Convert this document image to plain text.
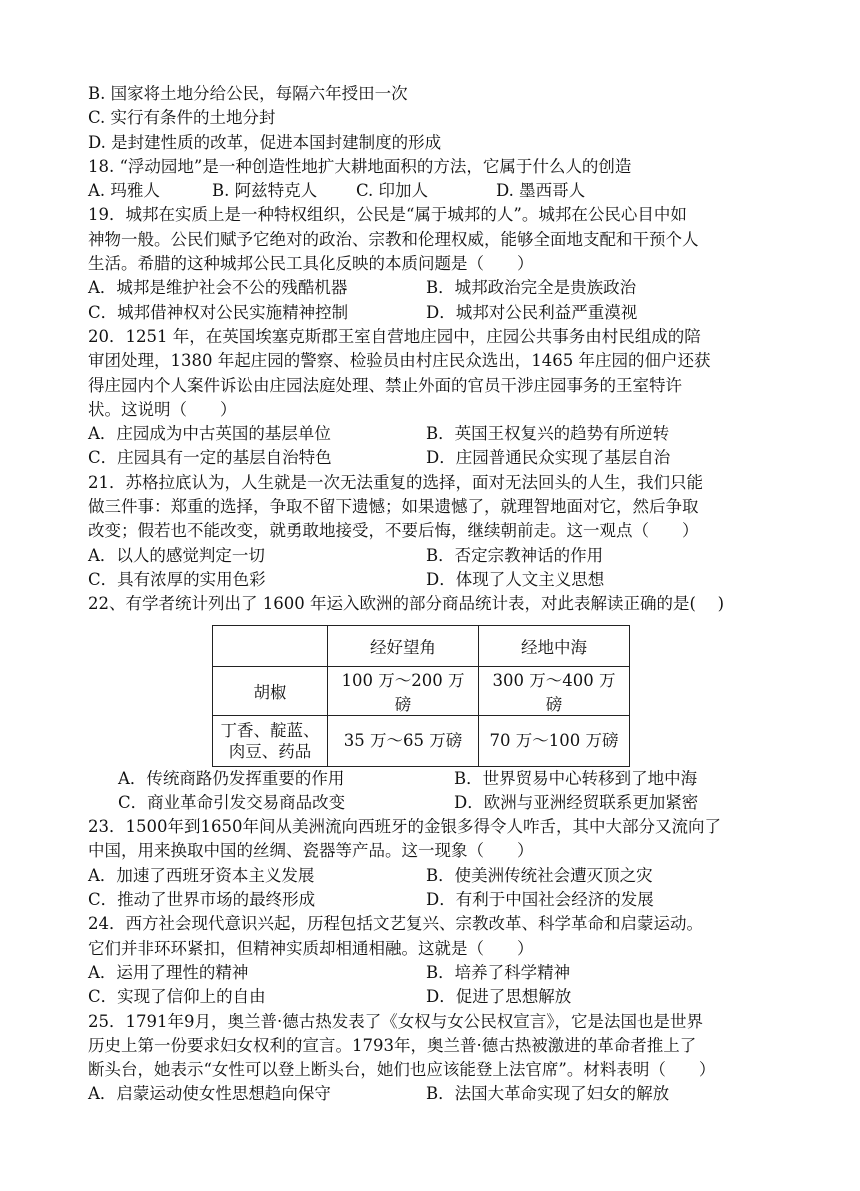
B. 国家将土地分给公民，每隔六年授田一次
C. 实行有条件的土地分封
D. 是封建性质的改革，促进本国封建制度的形成
18. “浮动园地”是一种创造性地扩大耕地面积的方法，它属于什么人的创造
A. 玛雅人	B. 阿兹特克人 C. 印加人	D. 墨西哥人
19．城邦在实质上是一种特权组织，公民是“属于城邦的人”。城邦在公民心目中如
神物一般。公民们赋予它绝对的政治、宗教和伦理权威，能够全面地支配和干预个人
生活。希腊的这种城邦公民工具化反映的本质问题是（　　）
A．城邦是维护社会不公的残酷机器	B．城邦政治完全是贵族政治
C．城邦借神权对公民实施精神控制	D．城邦对公民利益严重漠视
20．1251 年，在英国埃塞克斯郡王室自营地庄园中，庄园公共事务由村民组成的陪
审团处理，1380 年起庄园的警察、检验员由村庄民众选出，1465 年庄园的佃户还获
得庄园内个人案件诉讼由庄园法庭处理、禁止外面的官员干涉庄园事务的王室特许
状。这说明（　　）
A．庄园成为中古英国的基层单位	B．英国王权复兴的趋势有所逆转
C．庄园具有一定的基层自治特色	D．庄园普通民众实现了基层自治
21．苏格拉底认为，人生就是一次无法重复的选择，面对无法回头的人生，我们只能
做三件事：郑重的选择，争取不留下遗憾；如果遗憾了，就理智地面对它，然后争取
改变；假若也不能改变，就勇敢地接受，不要后悔，继续朝前走。这一观点（　　）
A．以人的感觉判定一切	B．否定宗教神话的作用
C．具有浓厚的实用色彩	D．体现了人文主义思想
22、有学者统计列出了 1600 年运入欧洲的部分商品统计表，对此表解读正确的是(　 )
	经好望角	经地中海
胡椒	100 万～200 万磅	300 万～400 万磅
丁香、靛蓝、肉豆、药品	35 万～65 万磅	70 万～100 万磅
A．传统商路仍发挥重要的作用	B．世界贸易中心转移到了地中海
C．商业革命引发交易商品改变	D．欧洲与亚洲经贸联系更加紧密
23．1500年到1650年间从美洲流向西班牙的金银多得令人咋舌，其中大部分又流向了
中国，用来换取中国的丝绸、瓷器等产品。这一现象（　　）
A．加速了西班牙资本主义发展	B．使美洲传统社会遭灭顶之灾
C．推动了世界市场的最终形成	D．有利于中国社会经济的发展
24．西方社会现代意识兴起，历程包括文艺复兴、宗教改革、科学革命和启蒙运动。
它们并非环环紧扣，但精神实质却相通相融。这就是（　　）
A．运用了理性的精神	B．培养了科学精神
C．实现了信仰上的自由	D．促进了思想解放
25．1791年9月，奥兰普·德古热发表了《女权与女公民权宣言》，它是法国也是世界
历史上第一份要求妇女权利的宣言。1793年，奥兰普·德古热被激进的革命者推上了
断头台，她表示“女性可以登上断头台，她们也应该能登上法官席”。材料表明（　　）
A．启蒙运动使女性思想趋向保守	B．法国大革命实现了妇女的解放
